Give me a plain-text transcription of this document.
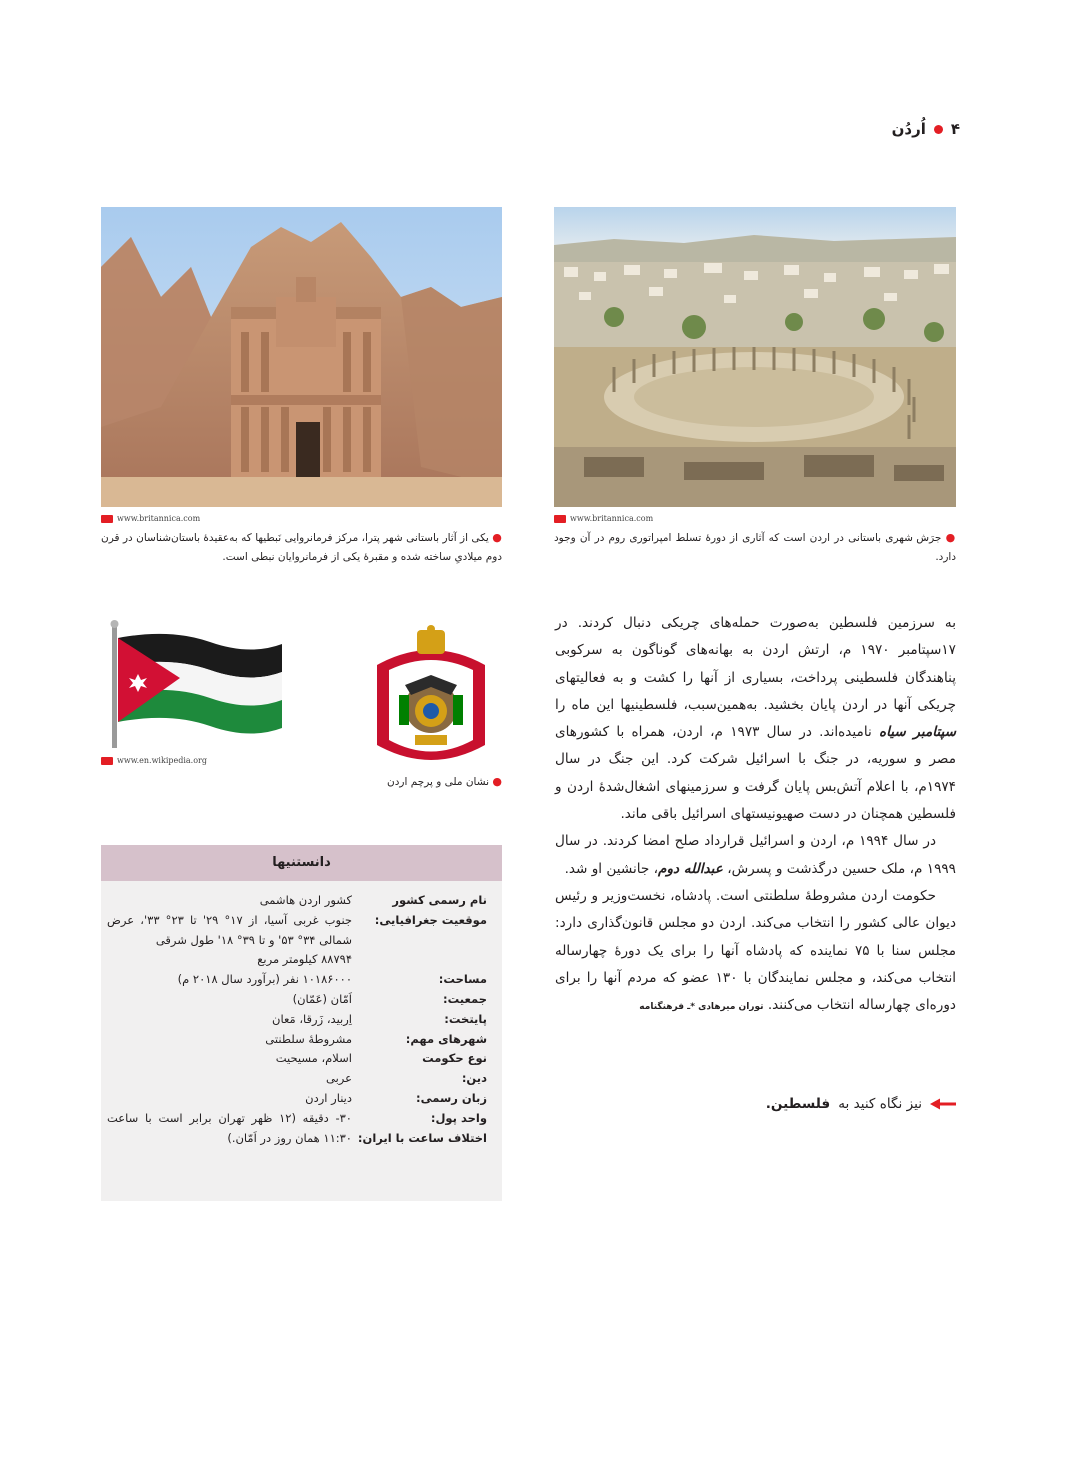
۴
اُردُن
www.britannica.com
● جرَش شهری باستانی در اردن است که آثاری از دورهٔ تسلط امپراتوری روم در آن وجود دارد.
www.britannica.com
● یکی از آثار باستانی شهر پترا، مرکز فرمانروایی نَبطیها که به‌عقیدهٔ باستان‌شناسان در قرن دوم میلادیِ ساخته شده و مقبرهٔ یکی از فرمانروایان نبطی است.
www.en.wikipedia.org
● نشان ملی و پرچم اردن

به سرزمین فلسطین به‌صورت حمله‌های چریکی دنبال کردند. در ۱۷سپتامبر ۱۹۷۰ م، ارتش اردن به بهانه‌های گوناگون به سرکوبی پناهندگان فلسطینی پرداخت، بسیاری از آنها را کشت و به فعالیتهای چریکی آنها در اردن پایان بخشید. به‌همین‌سبب، فلسطینیها این ماه را سپتامبر سیاه نامیده‌اند. در سال ۱۹۷۳ م، اردن، همراه با کشورهای مصر و سوریه، در جنگ با اسرائیل شرکت کرد. این جنگ در سال ۱۹۷۴م، با اعلام آتش‌بس پایان گرفت و سرزمینهای اشغال‌شدهٔ اردن و فلسطین همچنان در دست صهیونیستهای اسرائیل باقی ماند.

در سال ۱۹۹۴ م، اردن و اسرائیل قرارداد صلح امضا کردند. در سال ۱۹۹۹ م، ملک حسین درگذشت و پسرش، عبدالله دوم، جانشین او شد.

حکومت اردن مشروطهٔ سلطنتی است. پادشاه، نخست‌وزیر و رئیس دیوان عالی کشور را انتخاب می‌کند. اردن دو مجلس قانون‌گذاری دارد: مجلس سنا با ۷۵ نماینده که پادشاه آنها را برای یک دورهٔ چهارساله انتخاب می‌کند، و مجلس نمایندگان با ۱۳۰ عضو که مردم آنها را برای دوره‌ای چهارساله انتخاب می‌کنند. توران میرهادی *ـ فرهنگنامه

نیز نگاه کنید به
فلسطین.
دانستنیها
نام رسمی کشور
موقعیت جغرافیایی:
مساحت:
جمعیت:
پایتخت:
شهرهای مهم:
نوع حکومت
دین:
زبان رسمی:
واحد پول:
اختلاف ساعت با ایران:
کشور اردن هاشمی
جنوب غربی آسیا، از ۱۷° ۲۹' تا ۲۳° ۳۳'، عرض شمالی ۳۴° ۵۳' و تا ۳۹° ۱۸' طول شرقی
۸۸۷۹۴ کیلومتر مربع
۱۰۱۸۶۰۰۰ نفر (برآورد سال ۲۰۱۸ م)
اَمّان (عَمّان)
اِربید، زَرقا، مَعان
مشروطهٔ سلطنتی
اسلام، مسیحیت
عربی
دینار اردن
۳۰- دقیقه (۱۲ ظهر تهران برابر است با ساعت ۱۱:۳۰ همان روز در اَمّان.)
